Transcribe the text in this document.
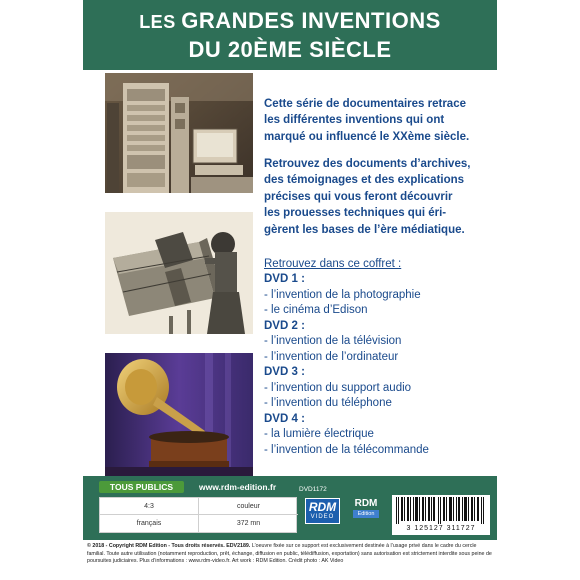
LES GRANDES INVENTIONS
DU 20ÈME SIÈCLE
Cette série de documentaires retrace
les différentes inventions qui ont
marqué ou influencé le XXème siècle.
Retrouvez des documents d’archives,
des témoignages et des explications
précises qui vous feront découvrir
les prouesses techniques qui éri-
gèrent les bases de l’ère médiatique.
Retrouvez dans ce coffret :
DVD 1 :
- l’invention de la photographie
- le cinéma d’Edison
DVD 2 :
- l’invention de la télévision
- l’invention de l’ordinateur
DVD 3 :
- l’invention du support audio
- l’invention du téléphone
DVD 4 :
- la lumière électrique
- l’invention de la télécommande
TOUS PUBLICS	www.rdm-edition.fr	DVD1172
4:3	couleur
français	372 mn
RDM
VIDEO
RDM
Edition
3 125127 311727
© 2018 - Copyright RDM Edition - Tous droits réservés. EDV2189. L’oeuvre fixée sur ce support est exclusivement destinée à l’usage privé dans le cadre du cercle familial. Toute autre utilisation (notamment reproduction, prêt, échange, diffusion en public, télédiffusion, exportation) sans autorisation est strictement interdite sous peine de poursuites judiciaires. Plus d’informations : www.rdm-video.fr. Art work : RDM Edition. Crédit photo : AK Video
